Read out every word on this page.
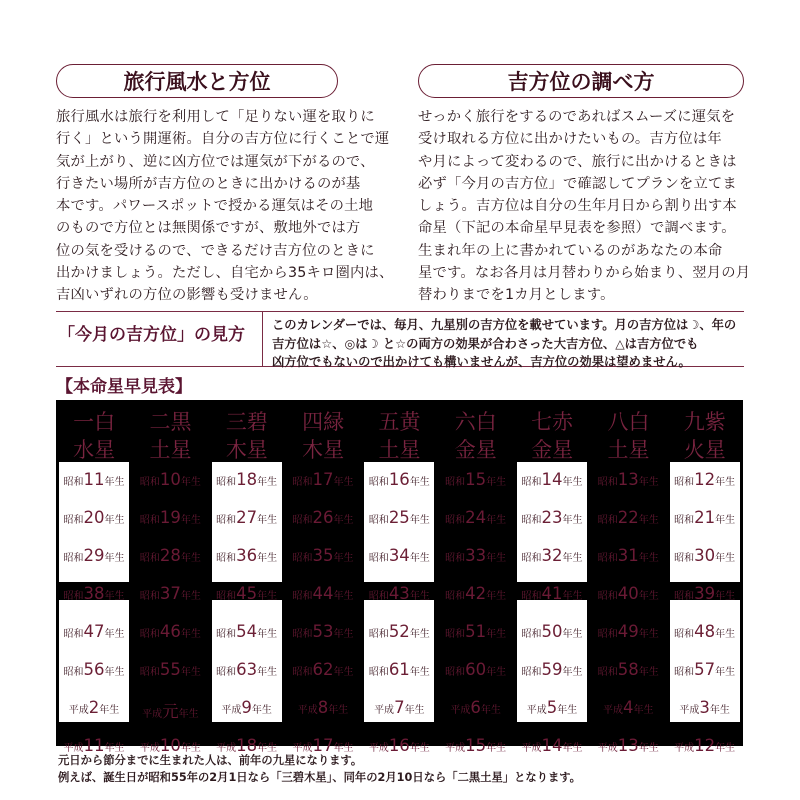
旅行風水と方位
旅行風水は旅行を利用して「足りない運を取りに
行く」という開運術。自分の吉方位に行くことで運
気が上がり、逆に凶方位では運気が下がるので、
行きたい場所が吉方位のときに出かけるのが基
本です。パワースポットで授かる運気はその土地
のもので方位とは無関係ですが、敷地外では方
位の気を受けるので、できるだけ吉方位のときに
出かけましょう。ただし、自宅から35キロ圏内は、
吉凶いずれの方位の影響も受けません。
吉方位の調べ方
せっかく旅行をするのであればスムーズに運気を
受け取れる方位に出かけたいもの。吉方位は年
や月によって変わるので、旅行に出かけるときは
必ず「今月の吉方位」で確認してプランを立てま
しょう。吉方位は自分の生年月日から割り出す本
命星（下記の本命星早見表を参照）で調べます。
生まれ年の上に書かれているのがあなたの本命
星です。なお各月は月替わりから始まり、翌月の月
替わりまでを1カ月とします。
「今月の吉方位」の見方 このカレンダーでは、毎月、九星別の吉方位を載せています。月の吉方位は☽、年の
吉方位は☆、◎は☽ と☆の両方の効果が合わさった大吉方位、△は吉方位でも
凶方位でもないので出かけても構いませんが、吉方位の効果は望めません。
【本命星早見表】
一白
水星
昭和 11 年生
昭和 20 年生
昭和 29 年生
昭和 38 年生
昭和 47 年生
昭和 56 年生
平成 2 年生
平成 11 年生
二黒
土星
昭和 10 年生
昭和 19 年生
昭和 28 年生
昭和 37 年生
昭和 46 年生
昭和 55 年生
平成 元 年生
平成 10 年生
三碧
木星
昭和 18 年生
昭和 27 年生
昭和 36 年生
昭和 45 年生
昭和 54 年生
昭和 63 年生
平成 9 年生
平成 18 年生
四緑
木星
昭和 17 年生
昭和 26 年生
昭和 35 年生
昭和 44 年生
昭和 53 年生
昭和 62 年生
平成 8 年生
平成 17 年生
五黄
土星
昭和 16 年生
昭和 25 年生
昭和 34 年生
昭和 43 年生
昭和 52 年生
昭和 61 年生
平成 7 年生
平成 16 年生
六白
金星
昭和 15 年生
昭和 24 年生
昭和 33 年生
昭和 42 年生
昭和 51 年生
昭和 60 年生
平成 6 年生
平成 15 年生
七赤
金星
昭和 14 年生
昭和 23 年生
昭和 32 年生
昭和 41 年生
昭和 50 年生
昭和 59 年生
平成 5 年生
平成 14 年生
八白
土星
昭和 13 年生
昭和 22 年生
昭和 31 年生
昭和 40 年生
昭和 49 年生
昭和 58 年生
平成 4 年生
平成 13 年生
九紫
火星
昭和 12 年生
昭和 21 年生
昭和 30 年生
昭和 39 年生
昭和 48 年生
昭和 57 年生
平成 3 年生
平成 12 年生
元日から節分までに生まれた人は、前年の九星になります。
例えば、誕生日が昭和55年の2月1日なら「三碧木星」、同年の2月10日なら「二黒土星」となります。
